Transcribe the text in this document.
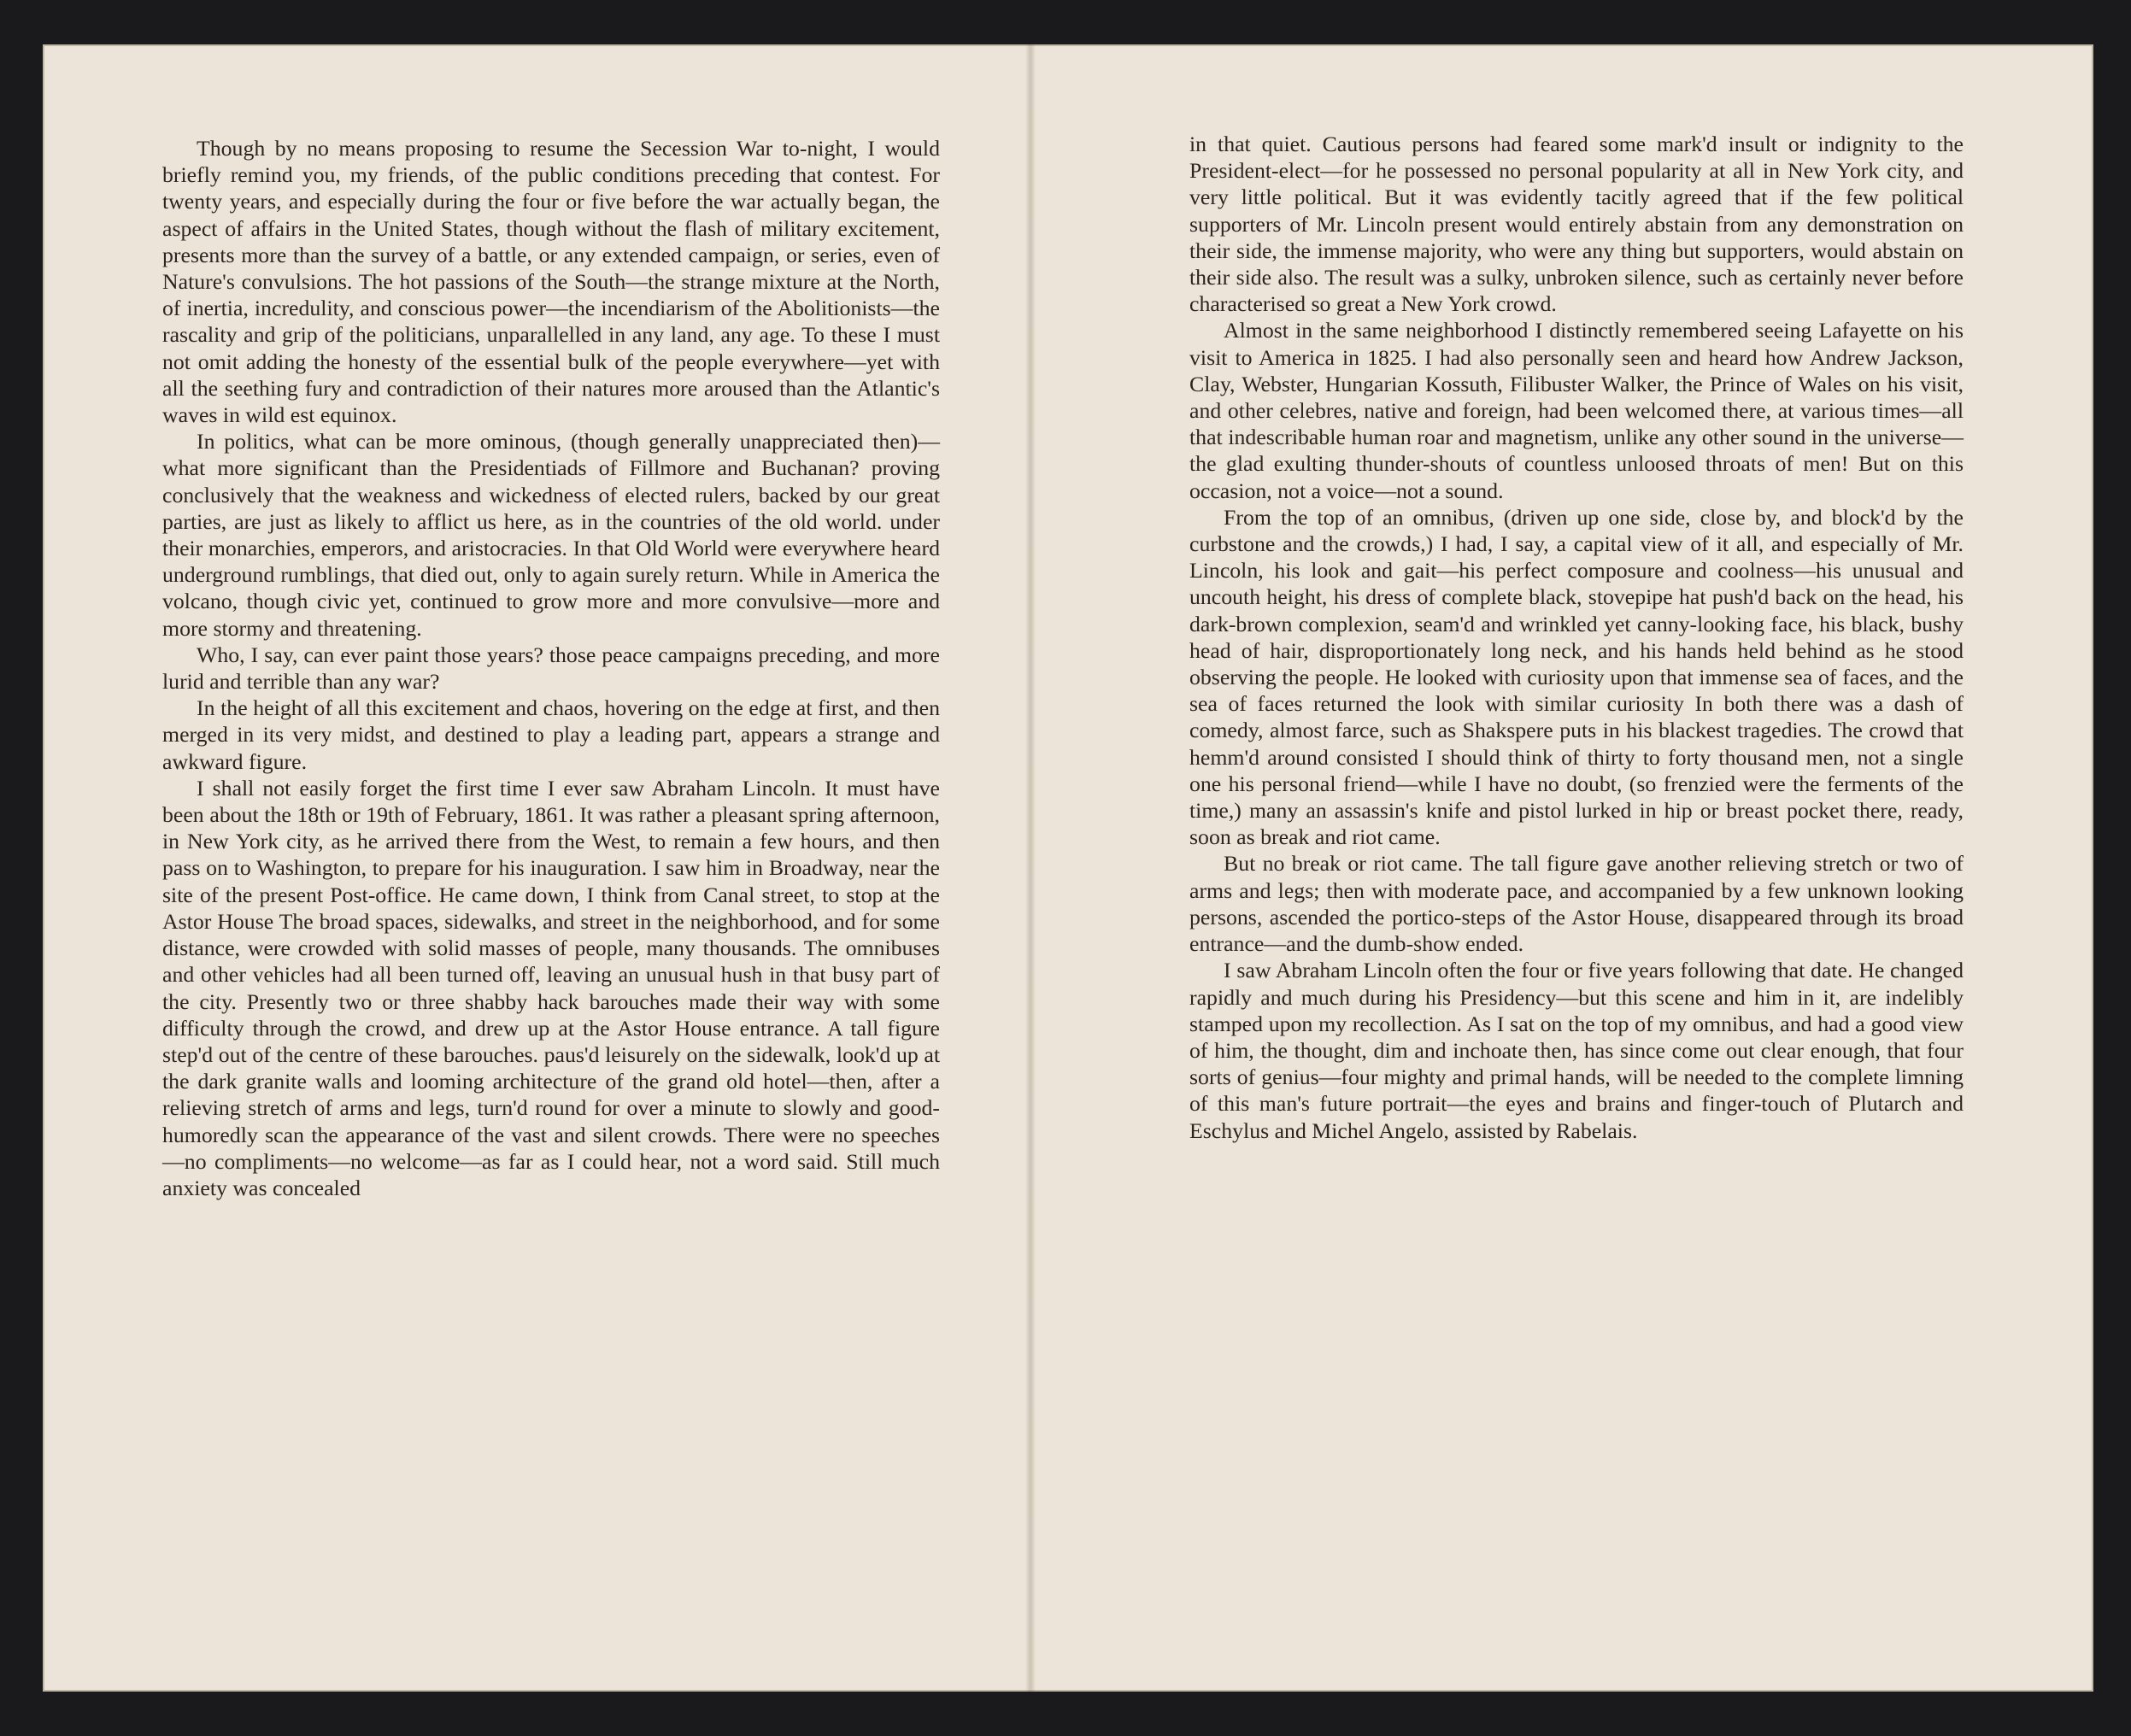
Though by no means proposing to resume the Secession War to-night, I would briefly remind you, my friends, of the public conditions preceding that contest. For twenty years, and especially during the four or five before the war actually began, the aspect of affairs in the United States, though without the flash of military excitement, presents more than the survey of a battle, or any extended campaign, or series, even of Nature's convulsions. The hot passions of the South—the strange mixture at the North, of inertia, incredulity, and conscious power—the incendiarism of the Abolitionists—the rascality and grip of the politicians, unparallelled in any land, any age. To these I must not omit adding the honesty of the essential bulk of the people everywhere—yet with all the seething fury and contradiction of their natures more aroused than the Atlantic's waves in wild est equinox.

In politics, what can be more ominous, (though generally unappreciated then)—what more significant than the Presidentiads of Fillmore and Buchanan? proving conclusively that the weakness and wickedness of elected rulers, backed by our great parties, are just as likely to afflict us here, as in the countries of the old world. under their monarchies, emperors, and aristocracies. In that Old World were everywhere heard underground rumblings, that died out, only to again surely return. While in America the volcano, though civic yet, continued to grow more and more convulsive—more and more stormy and threatening.

Who, I say, can ever paint those years? those peace campaigns preceding, and more lurid and terrible than any war?

In the height of all this excitement and chaos, hovering on the edge at first, and then merged in its very midst, and destined to play a leading part, appears a strange and awkward figure.

I shall not easily forget the first time I ever saw Abraham Lincoln. It must have been about the 18th or 19th of February, 1861. It was rather a pleasant spring afternoon, in New York city, as he arrived there from the West, to remain a few hours, and then pass on to Washington, to prepare for his inauguration. I saw him in Broadway, near the site of the present Post-office. He came down, I think from Canal street, to stop at the Astor House The broad spaces, sidewalks, and street in the neighborhood, and for some distance, were crowded with solid masses of people, many thousands. The omnibuses and other vehicles had all been turned off, leaving an unusual hush in that busy part of the city. Presently two or three shabby hack barouches made their way with some difficulty through the crowd, and drew up at the Astor House entrance. A tall figure step'd out of the centre of these barouches. paus'd leisurely on the sidewalk, look'd up at the dark granite walls and looming architecture of the grand old hotel—then, after a relieving stretch of arms and legs, turn'd round for over a minute to slowly and good-humoredly scan the appearance of the vast and silent crowds. There were no speeches—no compliments—no welcome—as far as I could hear, not a word said. Still much anxiety was concealed

in that quiet. Cautious persons had feared some mark'd insult or indignity to the President-elect—for he possessed no personal popularity at all in New York city, and very little political. But it was evidently tacitly agreed that if the few political supporters of Mr. Lincoln present would entirely abstain from any demonstration on their side, the immense majority, who were any thing but supporters, would abstain on their side also. The result was a sulky, unbroken silence, such as certainly never before characterised so great a New York crowd.

Almost in the same neighborhood I distinctly remembered seeing Lafayette on his visit to America in 1825. I had also personally seen and heard how Andrew Jackson, Clay, Webster, Hungarian Kossuth, Filibuster Walker, the Prince of Wales on his visit, and other celebres, native and foreign, had been welcomed there, at various times—all that indescribable human roar and magnetism, unlike any other sound in the universe—the glad exulting thunder-shouts of countless unloosed throats of men! But on this occasion, not a voice—not a sound.

From the top of an omnibus, (driven up one side, close by, and block'd by the curbstone and the crowds,) I had, I say, a capital view of it all, and especially of Mr. Lincoln, his look and gait—his perfect composure and coolness—his unusual and uncouth height, his dress of complete black, stovepipe hat push'd back on the head, his dark-brown complexion, seam'd and wrinkled yet canny-looking face, his black, bushy head of hair, disproportionately long neck, and his hands held behind as he stood observing the people. He looked with curiosity upon that immense sea of faces, and the sea of faces returned the look with similar curiosity In both there was a dash of comedy, almost farce, such as Shakspere puts in his blackest tragedies. The crowd that hemm'd around consisted I should think of thirty to forty thousand men, not a single one his personal friend—while I have no doubt, (so frenzied were the ferments of the time,) many an assassin's knife and pistol lurked in hip or breast pocket there, ready, soon as break and riot came.

But no break or riot came. The tall figure gave another relieving stretch or two of arms and legs; then with moderate pace, and accompanied by a few unknown looking persons, ascended the portico-steps of the Astor House, disappeared through its broad entrance—and the dumb-show ended.

I saw Abraham Lincoln often the four or five years following that date. He changed rapidly and much during his Presidency—but this scene and him in it, are indelibly stamped upon my recollection. As I sat on the top of my omnibus, and had a good view of him, the thought, dim and inchoate then, has since come out clear enough, that four sorts of genius—four mighty and primal hands, will be needed to the complete limning of this man's future portrait—the eyes and brains and finger-touch of Plutarch and Eschylus and Michel Angelo, assisted by Rabelais.
